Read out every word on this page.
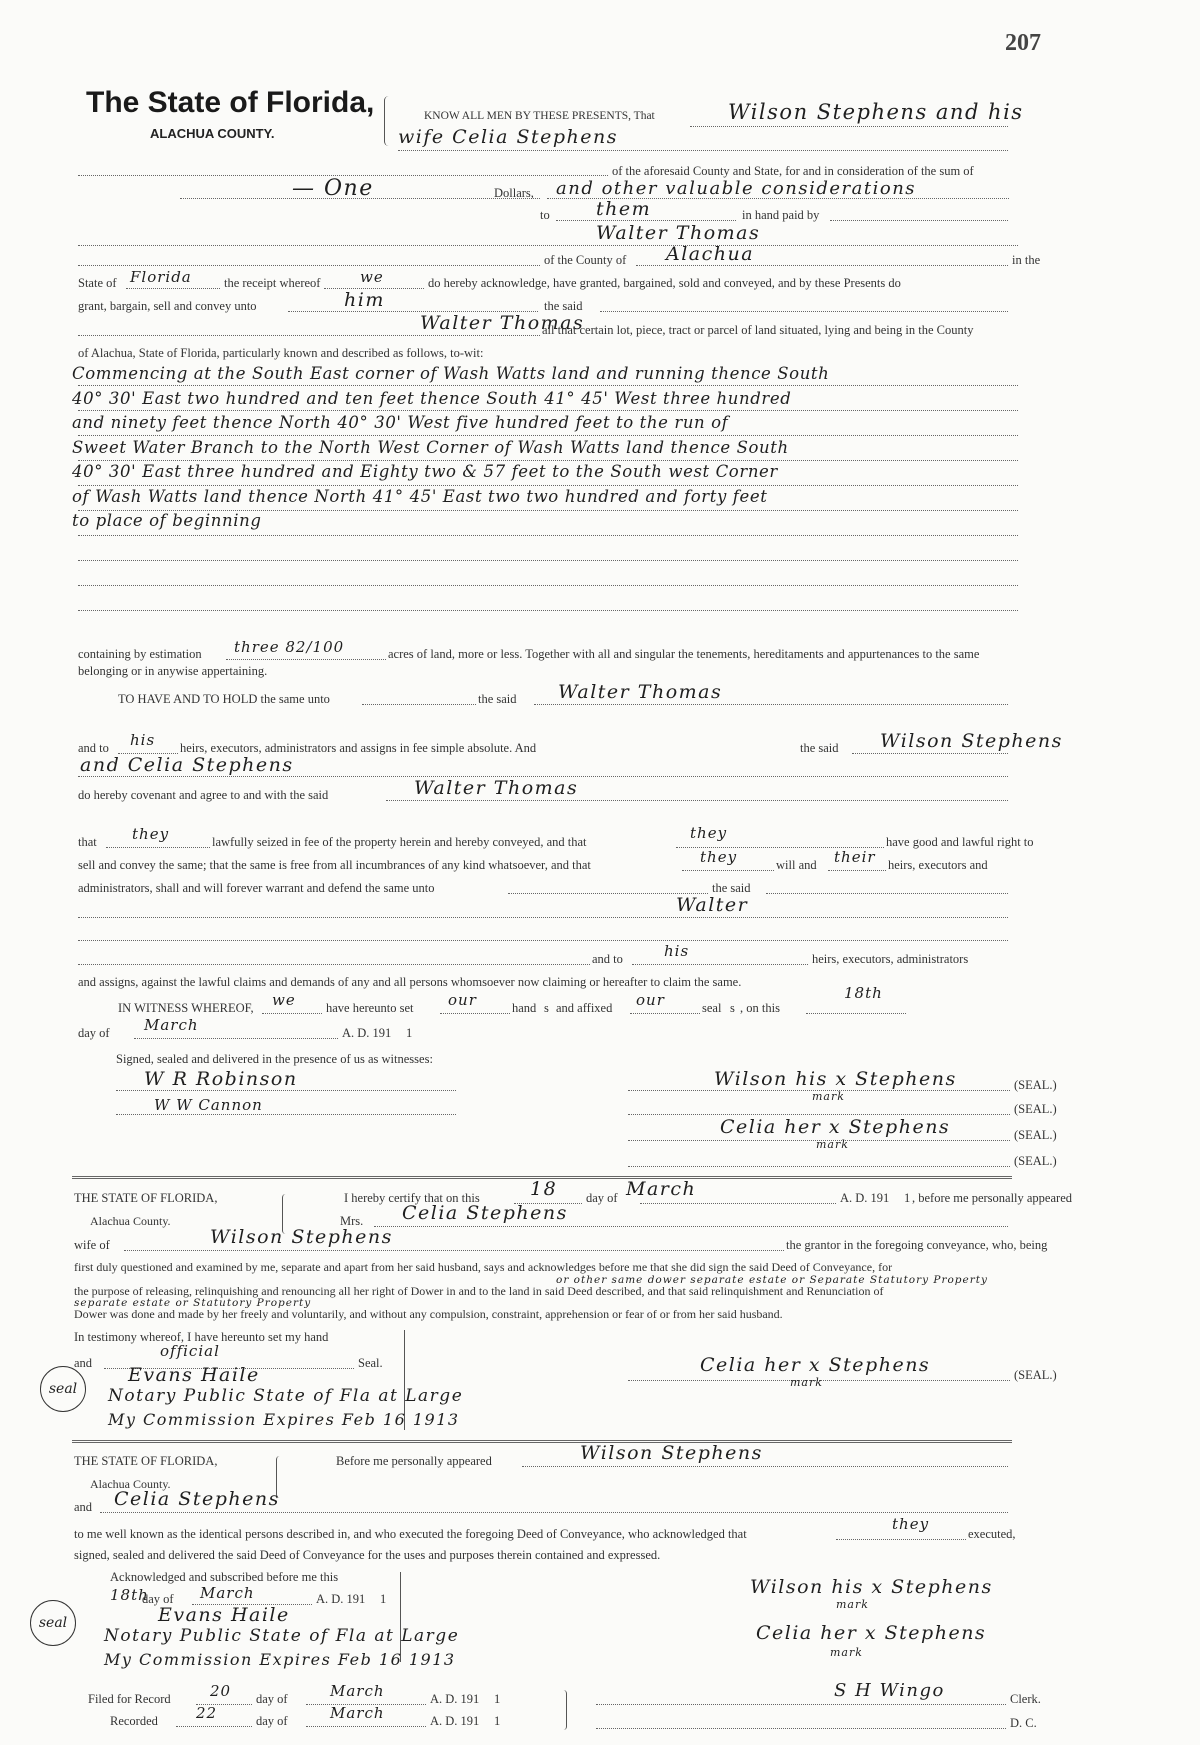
207
The State of Florida,
ALACHUA COUNTY.
KNOW ALL MEN BY THESE PRESENTS, That	Wilson Stephens and his
wife Celia Stephens
of the aforesaid County and State, for and in consideration of the sum of
— One	Dollars, and other valuable considerations
to them	in hand paid by
Walter Thomas
of the County of Alachua	in the
State of Florida	the receipt whereof	we	do hereby acknowledge, have granted, bargained, sold and conveyed, and by these Presents do
grant, bargain, sell and convey unto	him	the said
Walter Thomas
all that certain lot, piece, tract or parcel of land situated, lying and being in the County
of Alachua, State of Florida, particularly known and described as follows, to-wit:
Commencing at the South East corner of Wash Watts land and running thence South
40° 30' East two hundred and ten feet thence South 41° 45' West three hundred
and ninety feet thence North 40° 30' West five hundred feet to the run of
Sweet Water Branch to the North West Corner of Wash Watts land thence South
40° 30' East three hundred and Eighty two & 57 feet to the South west Corner
of Wash Watts land thence North 41° 45' East two two hundred and forty feet
to place of beginning
containing by estimation three 82/100	acres of land, more or less. Together with all and singular the tenements, hereditaments and appurtenances to the same
belonging or in anywise appertaining.
TO HAVE AND TO HOLD the same unto	the said Walter Thomas
and to his heirs, executors, administrators and assigns in fee simple absolute. And	the said Wilson Stephens
and Celia Stephens
do hereby covenant and agree to and with the said	Walter Thomas
that they	lawfully seized in fee of the property herein and hereby conveyed, and that	they	have good and lawful right to
sell and convey the same; that the same is free from all incumbrances of any kind whatsoever, and that	they	will and their heirs, executors and
administrators, shall and will forever warrant and defend the same unto	the said
Walter
and to	his	heirs, executors, administrators
and assigns, against the lawful claims and demands of any and all persons whomsoever now claiming or hereafter to claim the same.
IN WITNESS WHEREOF, we have hereunto set our	hand s and affixed our	seal s , on this
18th
day of March	A. D. 191 1
Signed, sealed and delivered in the presence of us as witnesses:
W R Robinson
W W Cannon
Wilson his x Stephens
mark
(SEAL.)
(SEAL.)
Celia her x Stephens
mark
(SEAL.)
(SEAL.)
THE STATE OF FLORIDA,
Alachua County.
I hereby certify that on this	18 day of March	A. D. 191 1 , before me personally appeared
Mrs. Celia Stephens
wife of	Wilson Stephens	the grantor in the foregoing conveyance, who, being
first duly questioned and examined by me, separate and apart from her said husband, says and acknowledges before me that she did sign the said Deed of Conveyance, for
or other same dower separate estate or Separate Statutory Property
the purpose of releasing, relinquishing and renouncing all her right of Dower in and to the land in said Deed described, and that said relinquishment and Renunciation of
separate estate or Statutory Property
Dower was done and made by her freely and voluntarily, and without any compulsion, constraint, apprehension or fear of or from her said husband.
In testimony whereof, I have hereunto set my hand
and
official
Seal.
Evans Haile
Notary Public State of Fla at Large
My Commission Expires Feb 16 1913
seal
Celia her x Stephens
mark
(SEAL.)
THE STATE OF FLORIDA,
Alachua County.
Before me personally appeared	Wilson Stephens
and Celia Stephens
to me well known as the identical persons described in, and who executed the foregoing Deed of Conveyance, who acknowledged that
they
executed,
signed, sealed and delivered the said Deed of Conveyance for the uses and purposes therein contained and expressed.
Acknowledged and subscribed before me this
18th
day of March	A. D. 191 1
Evans Haile
Notary Public State of Fla at Large
My Commission Expires Feb 16 1913
seal
Wilson his x Stephens
mark
Celia her x Stephens
mark
Filed for Record	20 day of	March	A. D. 191 1
Recorded	22	day of	March	A. D. 191 1
S H Wingo	Clerk.
D. C.
